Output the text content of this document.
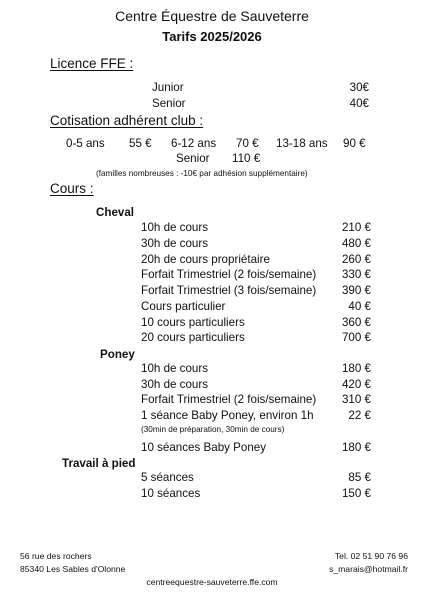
Centre Équestre de Sauveterre
Tarifs 2025/2026
Licence FFE :
Junior	30€
Senior	40€
Cotisation adhérent club :
0-5 ans 55 € 6-12 ans 70 € 13-18 ans 90 €
Senior 110 €
(familles nombreuses : -10€ par adhésion supplémentaire)
Cours :
Cheval
10h de cours	210 €
30h de cours	480 €
20h de cours propriétaire	260 €
Forfait Trimestriel (2 fois/semaine) 330 €
Forfait Trimestriel (3 fois/semaine) 390 €
Cours particulier	40 €
10 cours particuliers	360 €
20 cours particuliers	700 €
Poney
10h de cours	180 €
30h de cours	420 €
Forfait Trimestriel (2 fois/semaine) 310 €
1 séance Baby Poney, environ 1h	22 €
(30min de préparation, 30min de cours)
10 séances Baby Poney	180 €
Travail à pied
5 séances	85 €
10 séances	150 €
56 rue des rochers
85340 Les Sables d'Olonne
Tel. 02 51 90 76 96
s_marais@hotmail.fr
centreequestre-sauveterre.ffe.com
